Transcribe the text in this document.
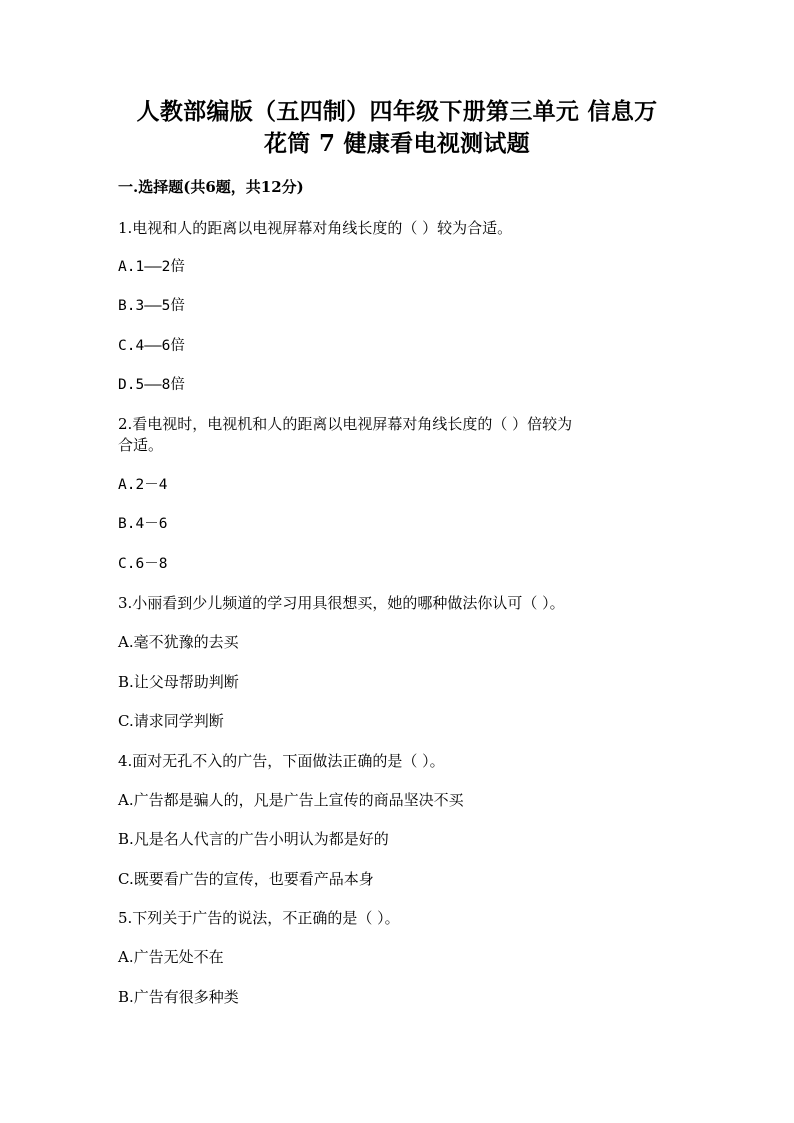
人教部编版（五四制）四年级下册第三单元 信息万
花筒 7 健康看电视测试题
一.选择题(共6题，共12分)
1.电视和人的距离以电视屏幕对角线长度的（ ）较为合适。
A.1——2倍
B.3——5倍
C.4——6倍
D.5——8倍
2.看电视时，电视机和人的距离以电视屏幕对角线长度的（ ）倍较为
合适。
A.2－4
B.4－6
C.6－8
3.小丽看到少儿频道的学习用具很想买，她的哪种做法你认可（ ）。
A.毫不犹豫的去买
B.让父母帮助判断
C.请求同学判断
4.面对无孔不入的广告，下面做法正确的是（ ）。
A.广告都是骗人的，凡是广告上宣传的商品坚决不买
B.凡是名人代言的广告小明认为都是好的
C.既要看广告的宣传，也要看产品本身
5.下列关于广告的说法，不正确的是（ ）。
A.广告无处不在
B.广告有很多种类
